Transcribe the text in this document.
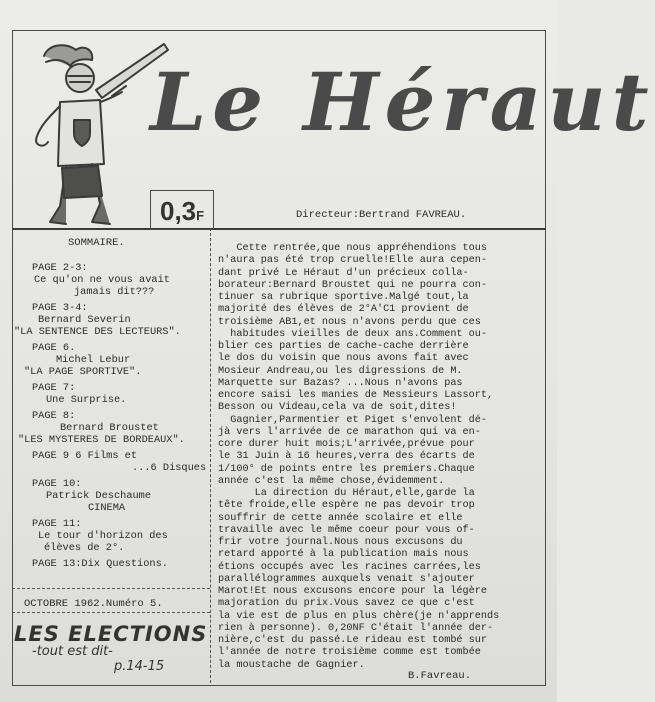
Le Héraut
0,3F	Directeur:Bertrand FAVREAU.
SOMMAIRE.
PAGE 2-3:
Ce qu'on ne vous avait
jamais dit???
PAGE 3-4:
Bernard Severin
"LA SENTENCE DES LECTEURS".
PAGE 6.
Michel Lebur
"LA PAGE SPORTIVE".
PAGE 7:
Une Surprise.
PAGE 8:
Bernard Broustet
"LES MYSTERES DE BORDEAUX".
PAGE 9 6 Films et
...6 Disques
PAGE 10:
Patrick Deschaume
CINEMA
PAGE 11:
Le tour d'horizon des
élèves de 2°.
PAGE 13:Dix Questions.
OCTOBRE 1962.Numéro 5.
LES ELECTIONS
-tout est dit-
p.14-15

Cette rentrée,que nous appréhendions tous

n'aura pas été trop cruelle!Elle aura cepen-

dant privé Le Héraut d'un précieux colla-

borateur:Bernard Broustet qui ne pourra con-

tinuer sa rubrique sportive.Malgé tout,la

majorité des élèves de 2°A'C1 provient de

troisième AB1,et nous n'avons perdu que ces

habitudes vieilles de deux ans.Comment ou-

blier ces parties de cache-cache derrière

le dos du voisin que nous avons fait avec

Mosieur Andreau,ou les digressions de M.

Marquette sur Bazas? ...Nous n'avons pas

encore saisi les manies de Messieurs Lassort,

Besson ou Videau,cela va de soit,dites!

Gagnier,Parmentier et Piget s'envolent dé-

jà vers l'arrivée de ce marathon qui va en-

core durer huit mois;L'arrivée,prévue pour

le 31 Juin à 16 heures,verra des écarts de

1/100° de points entre les premiers.Chaque

année c'est la même chose,évidemment.

La direction du Héraut,elle,garde la

tête froide,elle espère ne pas devoir trop

souffrir de cette année scolaire et elle

travaille avec le même coeur pour vous of-

frir votre journal.Nous nous excusons du

retard apporté à la publication mais nous

étions occupés avec les racines carrées,les

parallélogrammes auxquels venait s'ajouter

Marot!Et nous excusons encore pour la légère

majoration du prix.Vous savez ce que c'est

la vie est de plus en plus chère(je n'apprends

rien à personne). 0,20NF C'était l'année der-

nière,c'est du passé.Le rideau est tombé sur

l'année de notre troisième comme est tombée

la moustache de Gagnier.

B.Favreau.
